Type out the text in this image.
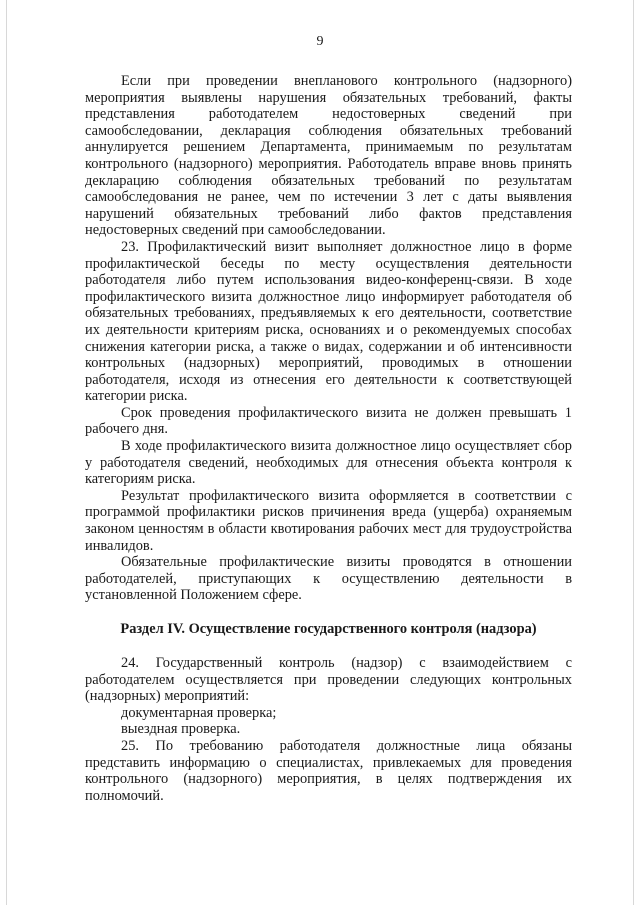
9

Если при проведении внепланового контрольного (надзорного) мероприятия выявлены нарушения обязательных требований, факты представления работодателем недостоверных сведений при самообследовании, декларация соблюдения обязательных требований аннулируется решением Департамента, принимаемым по результатам контрольного (надзорного) мероприятия. Работодатель вправе вновь принять декларацию соблюдения обязательных требований по результатам самообследования не ранее, чем по истечении 3 лет с даты выявления нарушений обязательных требований либо фактов представления недостоверных сведений при самообследовании.

23. Профилактический визит выполняет должностное лицо в форме профилактической беседы по месту осуществления деятельности работодателя либо путем использования видео-конференц-связи. В ходе профилактического визита должностное лицо информирует работодателя об обязательных требованиях, предъявляемых к его деятельности, соответствие их деятельности критериям риска, основаниях и о рекомендуемых способах снижения категории риска, а также о видах, содержании и об интенсивности контрольных (надзорных) мероприятий, проводимых в отношении работодателя, исходя из отнесения его деятельности к соответствующей категории риска.

Срок проведения профилактического визита не должен превышать 1 рабочего дня.

В ходе профилактического визита должностное лицо осуществляет сбор у работодателя сведений, необходимых для отнесения объекта контроля к категориям риска.

Результат профилактического визита оформляется в соответствии с программой профилактики рисков причинения вреда (ущерба) охраняемым законом ценностям в области квотирования рабочих мест для трудоустройства инвалидов.

Обязательные профилактические визиты проводятся в отношении работодателей, приступающих к осуществлению деятельности в установленной Положением сфере.

Раздел IV. Осуществление государственного контроля (надзора)

24. Государственный контроль (надзор) с взаимодействием с работодателем осуществляется при проведении следующих контрольных (надзорных) мероприятий:

документарная проверка;

выездная проверка.

25. По требованию работодателя должностные лица обязаны представить информацию о специалистах, привлекаемых для проведения контрольного (надзорного) мероприятия, в целях подтверждения их полномочий.
